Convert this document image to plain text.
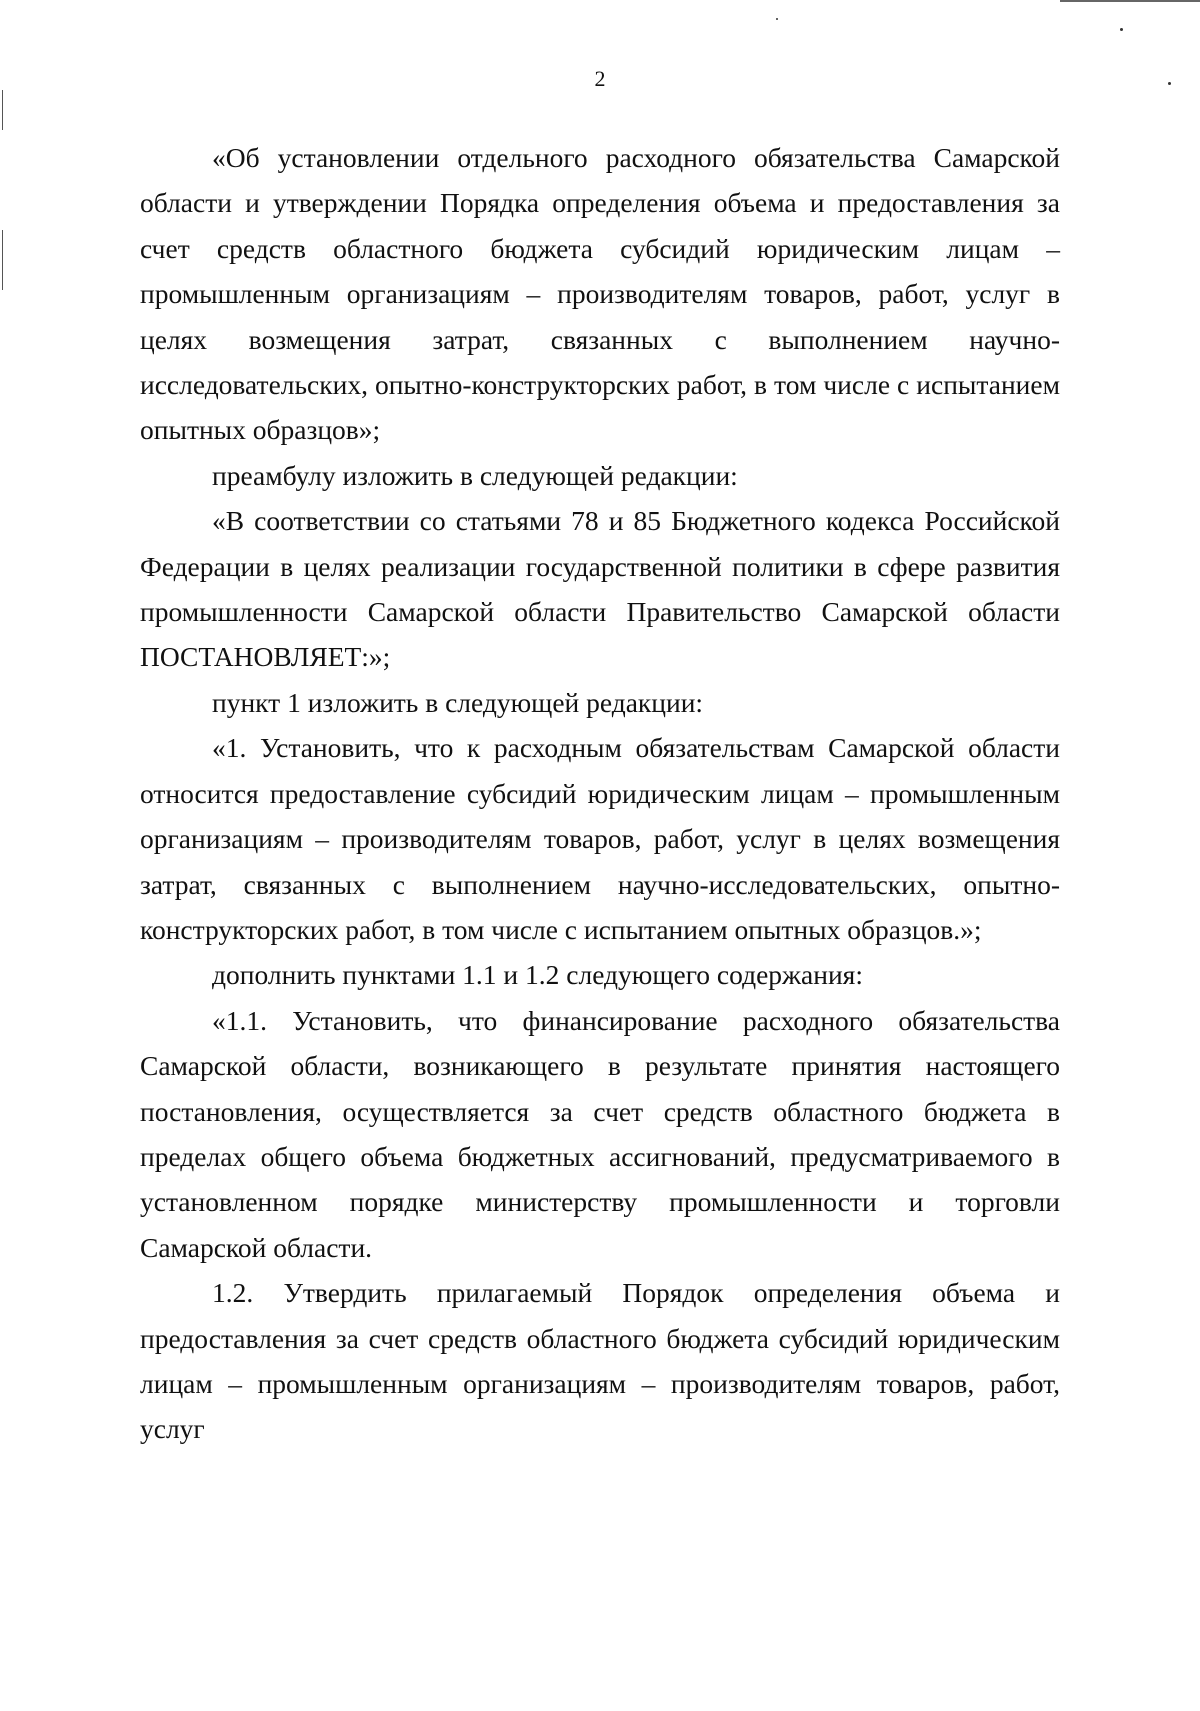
2

«Об установлении отдельного расходного обязательства Самарской области и утверждении Порядка определения объема и предоставления за счет средств областного бюджета субсидий юридическим лицам – промышленным организациям – производителям товаров, работ, услуг в целях возмещения затрат, связанных с выполнением научно-исследовательских, опытно-конструкторских работ, в том числе с испытанием опытных образцов»;

преамбулу изложить в следующей редакции:

«В соответствии со статьями 78 и 85 Бюджетного кодекса Российской Федерации в целях реализации государственной политики в сфере развития промышленности Самарской области Правительство Самарской области ПОСТАНОВЛЯЕТ:»;

пункт 1 изложить в следующей редакции:

«1. Установить, что к расходным обязательствам Самарской области относится предоставление субсидий юридическим лицам – промышленным организациям – производителям товаров, работ, услуг в целях возмещения затрат, связанных с выполнением научно-исследовательских, опытно-конструкторских работ, в том числе с испытанием опытных образцов.»;

дополнить пунктами 1.1 и 1.2 следующего содержания:

«1.1. Установить, что финансирование расходного обязательства Самарской области, возникающего в результате принятия настоящего постановления, осуществляется за счет средств областного бюджета в пределах общего объема бюджетных ассигнований, предусматриваемого в установленном порядке министерству промышленности и торговли Самарской области.

1.2. Утвердить прилагаемый Порядок определения объема и предоставления за счет средств областного бюджета субсидий юридическим лицам – промышленным организациям – производителям товаров, работ, услуг
